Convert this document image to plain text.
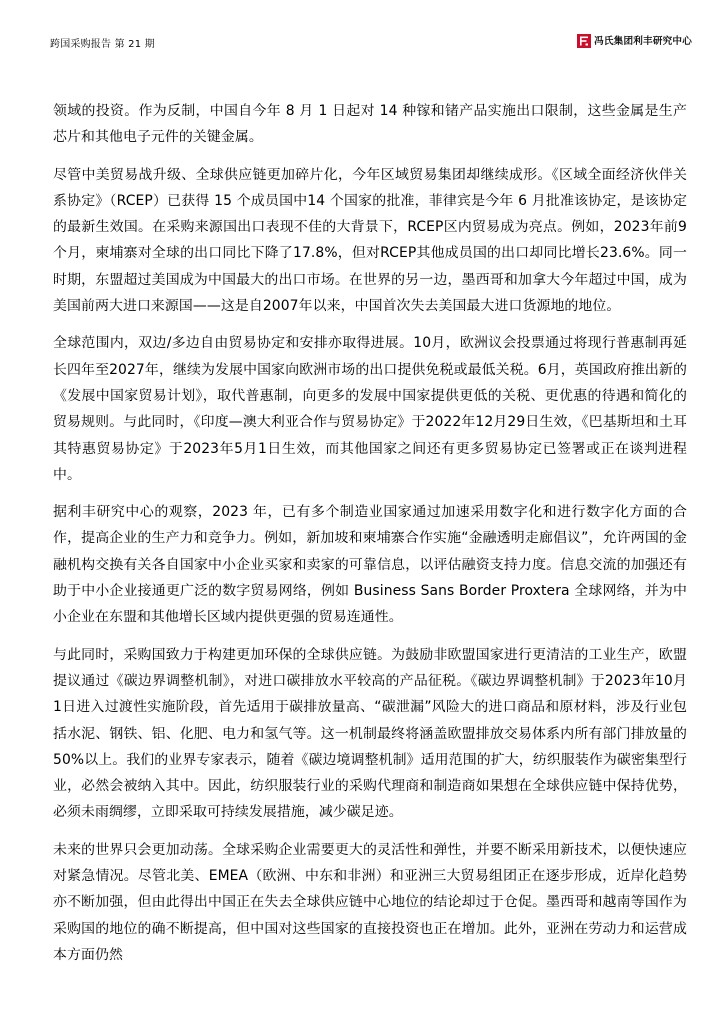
跨国采购报告 第 21 期	冯氏集团利丰研究中心

领域的投资。作为反制，中国自今年 8 月 1 日起对 14 种镓和锗产品实施出口限制，这些金属是生产芯片和其他电子元件的关键金属。

尽管中美贸易战升级、全球供应链更加碎片化，今年区域贸易集团却继续成形。《区域全面经济伙伴关系协定》（RCEP）已获得 15 个成员国中14 个国家的批准，菲律宾是今年 6 月批准该协定，是该协定的最新生效国。在采购来源国出口表现不佳的大背景下，RCEP区内贸易成为亮点。例如，2023年前9个月，柬埔寨对全球的出口同比下降了17.8%，但对RCEP其他成员国的出口却同比增长23.6%。同一时期，东盟超过美国成为中国最大的出口市场。在世界的另一边，墨西哥和加拿大今年超过中国，成为美国前两大进口来源国——这是自2007年以来，中国首次失去美国最大进口货源地的地位。

全球范围内，双边/多边自由贸易协定和安排亦取得进展。10月，欧洲议会投票通过将现行普惠制再延长四年至2027年，继续为发展中国家向欧洲市场的出口提供免税或最低关税。6月，英国政府推出新的《发展中国家贸易计划》，取代普惠制，向更多的发展中国家提供更低的关税、更优惠的待遇和简化的贸易规则。与此同时，《印度—澳大利亚合作与贸易协定》于2022年12月29日生效，《巴基斯坦和土耳其特惠贸易协定》于2023年5月1日生效，而其他国家之间还有更多贸易协定已签署或正在谈判进程中。

据利丰研究中心的观察，2023 年，已有多个制造业国家通过加速采用数字化和进行数字化方面的合作，提高企业的生产力和竞争力。例如，新加坡和柬埔寨合作实施“金融透明走廊倡议”，允许两国的金融机构交换有关各自国家中小企业买家和卖家的可靠信息，以评估融资支持力度。信息交流的加强还有助于中小企业接通更广泛的数字贸易网络，例如 Business Sans Border Proxtera 全球网络，并为中小企业在东盟和其他增长区域内提供更强的贸易连通性。

与此同时，采购国致力于构建更加环保的全球供应链。为鼓励非欧盟国家进行更清洁的工业生产，欧盟提议通过《碳边界调整机制》，对进口碳排放水平较高的产品征税。《碳边界调整机制》于2023年10月1日进入过渡性实施阶段，首先适用于碳排放量高、“碳泄漏”风险大的进口商品和原材料，涉及行业包括水泥、钢铁、铝、化肥、电力和氢气等。这一机制最终将涵盖欧盟排放交易体系内所有部门排放量的50%以上。我们的业界专家表示，随着《碳边境调整机制》适用范围的扩大，纺织服装作为碳密集型行业，必然会被纳入其中。因此，纺织服装行业的采购代理商和制造商如果想在全球供应链中保持优势，必须未雨绸缪，立即采取可持续发展措施，减少碳足迹。

未来的世界只会更加动荡。全球采购企业需要更大的灵活性和弹性，并要不断采用新技术，以便快速应对紧急情况。尽管北美、EMEA（欧洲、中东和非洲）和亚洲三大贸易组团正在逐步形成，近岸化趋势亦不断加强，但由此得出中国正在失去全球供应链中心地位的结论却过于仓促。墨西哥和越南等国作为采购国的地位的确不断提高，但中国对这些国家的直接投资也正在增加。此外，亚洲在劳动力和运营成本方面仍然
